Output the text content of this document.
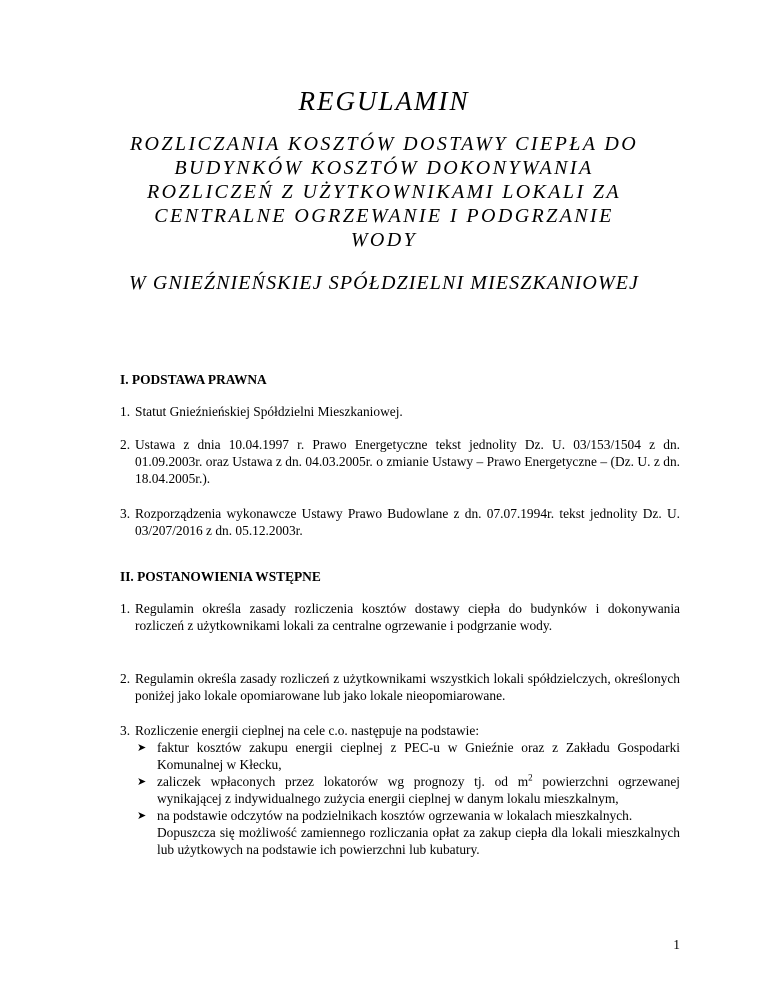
REGULAMIN
ROZLICZANIA KOSZTÓW DOSTAWY CIEPŁA DO
BUDYNKÓW KOSZTÓW DOKONYWANIA
ROZLICZEŃ Z UŻYTKOWNIKAMI LOKALI ZA
CENTRALNE OGRZEWANIE I PODGRZANIE
WODY
W GNIEŹNIEŃSKIEJ SPÓŁDZIELNI MIESZKANIOWEJ
I. PODSTAWA PRAWNA
1. Statut Gnieźnieńskiej Spółdzielni Mieszkaniowej.
2. Ustawa z dnia 10.04.1997 r. Prawo Energetyczne tekst jednolity Dz. U. 03/153/1504 z dn. 01.09.2003r. oraz Ustawa z dn. 04.03.2005r. o zmianie Ustawy – Prawo Energetyczne – (Dz. U. z dn. 18.04.2005r.).
3. Rozporządzenia wykonawcze Ustawy Prawo Budowlane z dn. 07.07.1994r. tekst jednolity Dz. U. 03/207/2016 z dn. 05.12.2003r.
II. POSTANOWIENIA WSTĘPNE
1. Regulamin określa zasady rozliczenia kosztów dostawy ciepła do budynków i dokonywania rozliczeń z użytkownikami lokali za centralne ogrzewanie i podgrzanie wody.
2. Regulamin określa zasady rozliczeń z użytkownikami wszystkich lokali spółdzielczych, określonych poniżej jako lokale opomiarowane lub jako lokale nieopomiarowane.
3. Rozliczenie energii cieplnej na cele c.o. następuje na podstawie:
➤ faktur kosztów zakupu energii cieplnej z PEC-u w Gnieźnie oraz z Zakładu Gospodarki Komunalnej w Kłecku,
➤ zaliczek wpłaconych przez lokatorów wg prognozy tj. od $m^2$ powierzchni ogrzewanej wynikającej z indywidualnego zużycia energii cieplnej w danym lokalu mieszkalnym,
➤ na podstawie odczytów na podzielnikach kosztów ogrzewania w lokalach mieszkalnych.
Dopuszcza się możliwość zamiennego rozliczania opłat za zakup ciepła dla lokali mieszkalnych lub użytkowych na podstawie ich powierzchni lub kubatury.
1
